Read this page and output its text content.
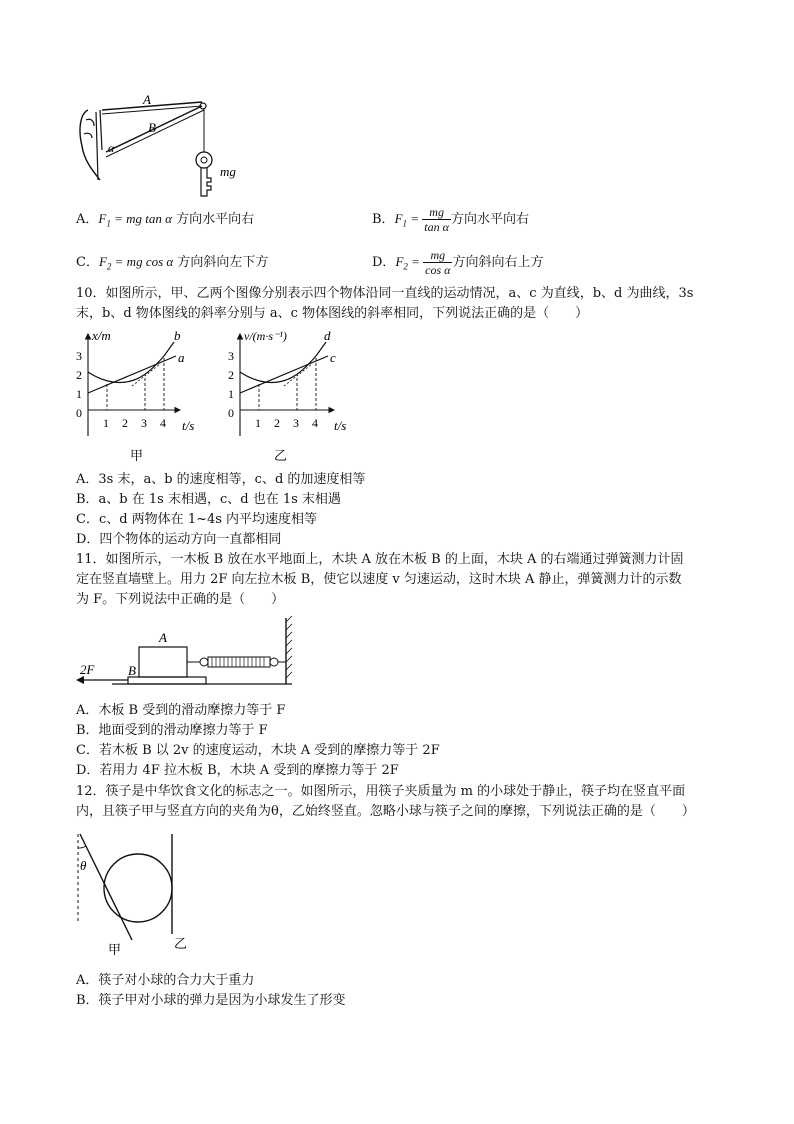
A
B
α
mg
A．$F_1$ = mg tan α 方向水平向右	B．$F_1 = \frac{mg}{\text{tan α}}$ 方向水平向右
C．$F_2$ = mg cos α 方向斜向左下方	D．$F_2 = \frac{mg}{\text{cos α}}$ 方向斜向右上方
10．如图所示，甲、乙两个图像分别表示四个物体沿同一直线的运动情况，a、c 为直线，b、d 为曲线，3s
末，b、d 物体图线的斜率分别与 a、c 物体图线的斜率相同，下列说法正确的是（　　）
x/m
t/s
3
2
1
0
1 2 3 4
b
a
甲
v/(m·s⁻¹)
t/s
3
2
1
0
1 2 3 4
d
c
乙
A．3s 末，a、b 的速度相等，c、d 的加速度相等
B．a、b 在 1s 末相遇，c、d 也在 1s 末相遇
C．c、d 两物体在 1~4s 内平均速度相等
D．四个物体的运动方向一直都相同
11．如图所示，一木板 B 放在水平地面上，木块 A 放在木板 B 的上面，木块 A 的右端通过弹簧测力计固
定在竖直墙壁上。用力 2F 向左拉木板 B，使它以速度 v 匀速运动，这时木块 A 静止，弹簧测力计的示数
为 F。下列说法中正确的是（　　）
A
B
2F
A．木板 B 受到的滑动摩擦力等于 F
B．地面受到的滑动摩擦力等于 F
C．若木板 B 以 2v 的速度运动，木块 A 受到的摩擦力等于 2F
D．若用力 4F 拉木板 B，木块 A 受到的摩擦力等于 2F
12．筷子是中华饮食文化的标志之一。如图所示，用筷子夹质量为 m 的小球处于静止，筷子均在竖直平面
内，且筷子甲与竖直方向的夹角为θ，乙始终竖直。忽略小球与筷子之间的摩擦，下列说法正确的是（　　）
θ
甲	乙
A．筷子对小球的合力大于重力
B．筷子甲对小球的弹力是因为小球发生了形变
